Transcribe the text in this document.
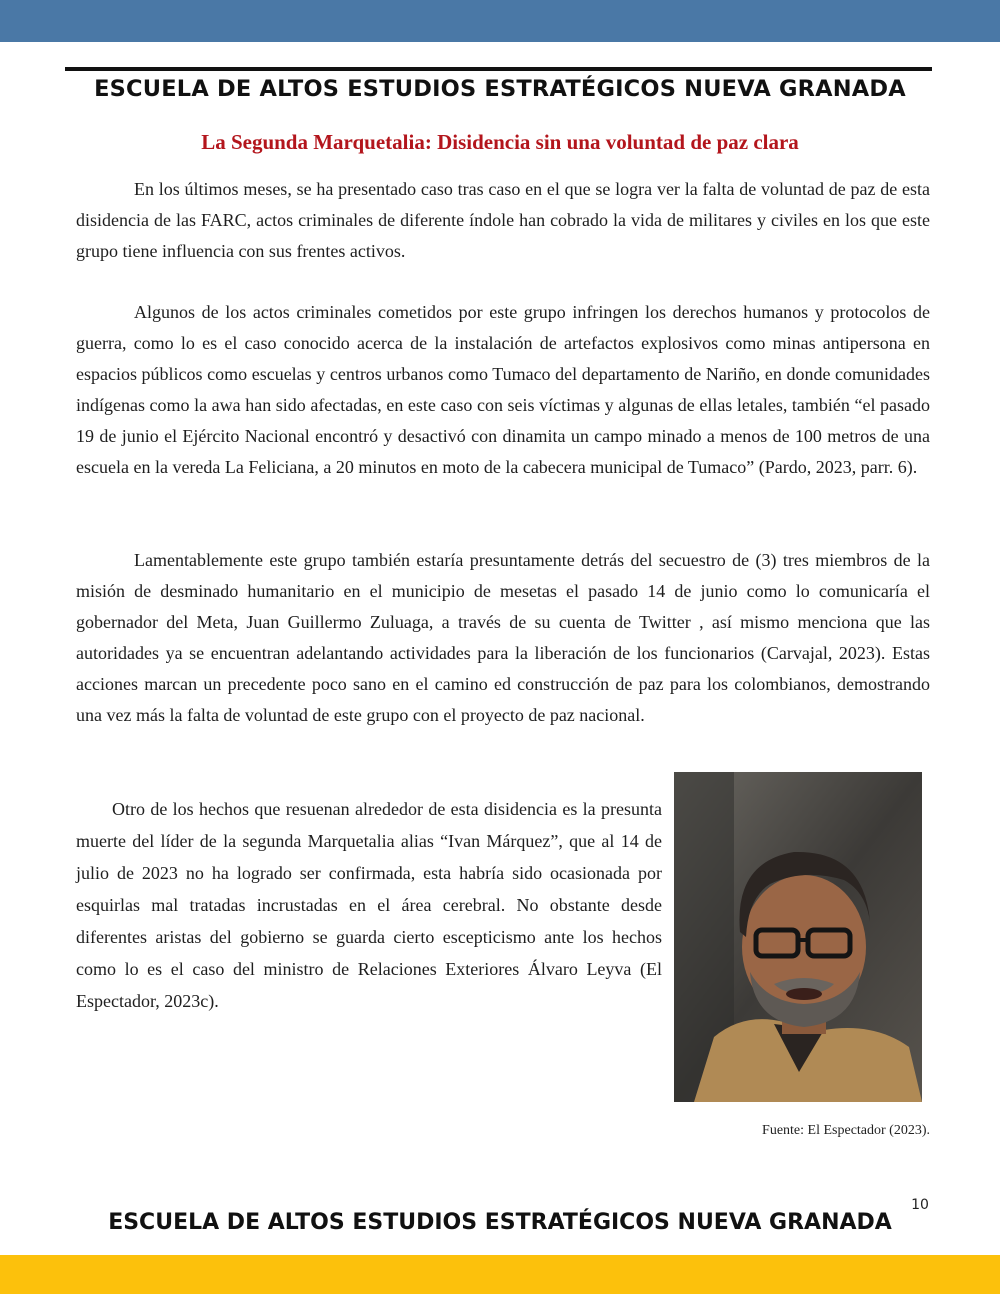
ESCUELA DE ALTOS ESTUDIOS ESTRATÉGICOS NUEVA GRANADA
La Segunda Marquetalia: Disidencia sin una voluntad de paz clara

En los últimos meses, se ha presentado caso tras caso en el que se logra ver la falta de voluntad de paz de esta disidencia de las FARC, actos criminales de diferente índole han cobrado la vida de militares y civiles en los que este grupo tiene influencia con sus frentes activos.

Algunos de los actos criminales cometidos por este grupo infringen los derechos humanos y protocolos de guerra, como lo es el caso conocido acerca de la instalación de artefactos explosivos como minas antipersona en espacios públicos como escuelas y centros urbanos como Tumaco del departamento de Nariño, en donde comunidades indígenas como la awa han sido afectadas, en este caso con seis víctimas y algunas de ellas letales, también “el pasado 19 de junio el Ejército Nacional encontró y desactivó con dinamita un campo minado a menos de 100 metros de una escuela en la vereda La Feliciana, a 20 minutos en moto de la cabecera municipal de Tumaco” (Pardo, 2023, parr. 6).

Lamentablemente este grupo también estaría presuntamente detrás del secuestro de (3) tres miembros de la misión de desminado humanitario en el municipio de mesetas el pasado 14 de junio como lo comunicaría el gobernador del Meta, Juan Guillermo Zuluaga, a través de su cuenta de Twitter , así mismo menciona que las autoridades ya se encuentran adelantando actividades para la liberación de los funcionarios (Carvajal, 2023). Estas acciones marcan un precedente poco sano en el camino ed construcción de paz para los colombianos, demostrando una vez más la falta de voluntad de este grupo con el proyecto de paz nacional.

Otro de los hechos que resuenan alrededor de esta disidencia es la presunta muerte del líder de la segunda Marquetalia alias “Ivan Márquez”, que al 14 de julio de 2023 no ha logrado ser confirmada, esta habría sido ocasionada por esquirlas mal tratadas incrustadas en el área cerebral. No obstante desde diferentes aristas del gobierno se guarda cierto escepticismo ante los hechos como lo es el caso del ministro de Relaciones Exteriores Álvaro Leyva (El Espectador, 2023c).

Fuente: El Espectador (2023).
10
ESCUELA DE ALTOS ESTUDIOS ESTRATÉGICOS NUEVA GRANADA
